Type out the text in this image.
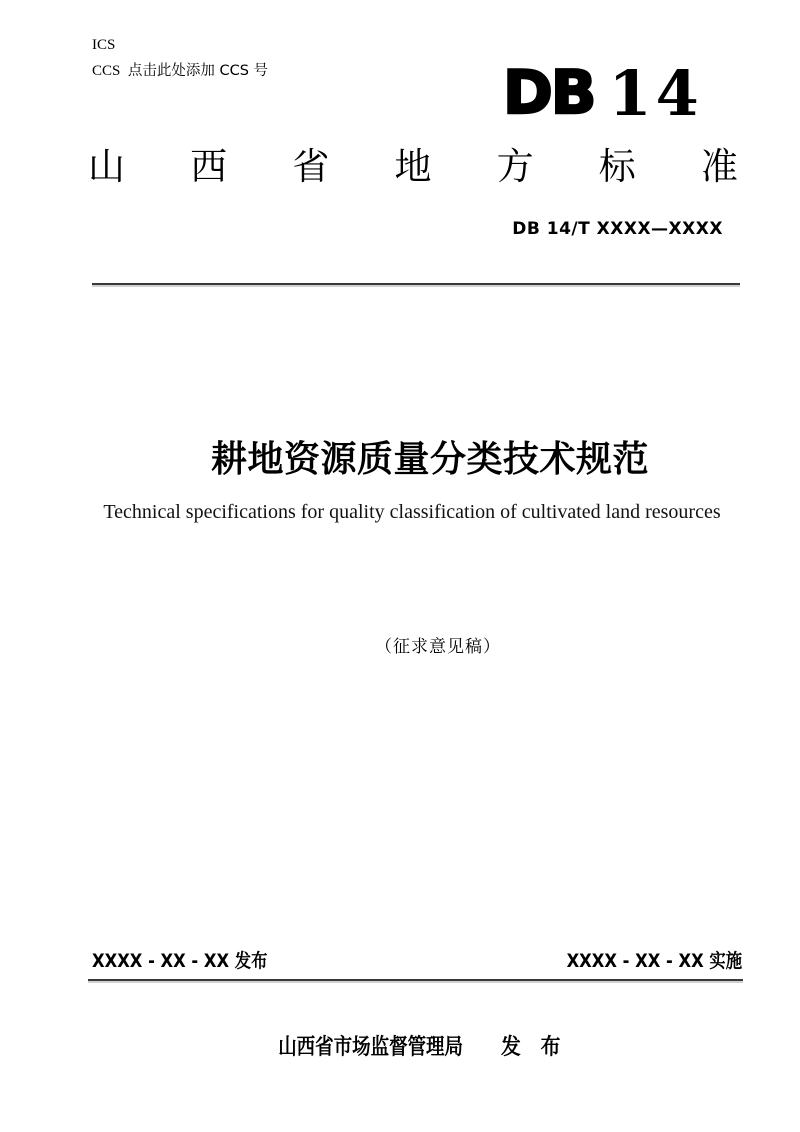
ICS
CCS 点击此处添加 CCS 号	DB 14
山 西 省 地 方 标 准
DB 14/T XXXX—XXXX
耕地资源质量分类技术规范
Technical specifications for quality classification of cultivated land resources
（征求意见稿）
XXXX - XX - XX 发布	XXXX - XX - XX 实施
山西省市场监督管理局 发　布
